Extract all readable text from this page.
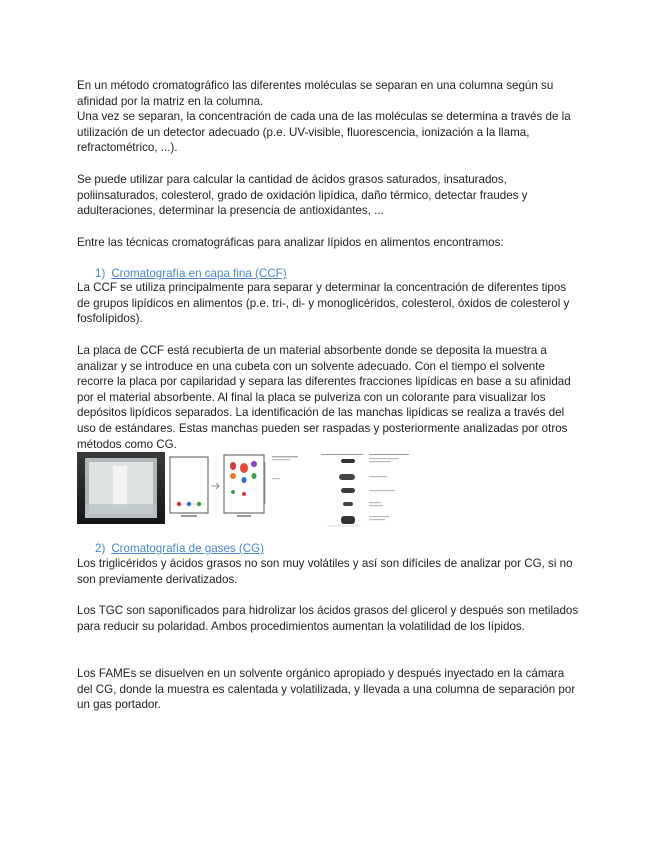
En un método cromatográfico las diferentes moléculas se separan en una columna según su afinidad por la matriz en la columna.

Una vez se separan, la concentración de cada una de las moléculas se determina a través de la utilización de un detector adecuado (p.e. UV-visible, fluorescencia, ionización a la llama, refractométrico, ...).

Se puede utilizar para calcular la cantidad de ácidos grasos saturados, insaturados, poliinsaturados, colesterol, grado de oxidación lipídica, daño térmico, detectar fraudes y adulteraciones, determinar la presencia de antioxidantes, ...

Entre las técnicas cromatográficas para analizar lípidos en alimentos encontramos:

1) Cromatografía en capa fina (CCF)

La CCF se utiliza principalmente para separar y determinar la concentración de diferentes tipos de grupos lipídicos en alimentos (p.e. tri-, di- y monoglicéridos, colesterol, óxidos de colesterol y fosfolípidos).

La placa de CCF está recubierta de un material absorbente donde se deposita la muestra a analizar y se introduce en una cubeta con un solvente adecuado. Con el tiempo el solvente recorre la placa por capilaridad y separa las diferentes fracciones lipídicas en base a su afinidad por el material absorbente. Al final la placa se pulveriza con un colorante para visualizar los depósitos lipídicos separados. La identificación de las manchas lipídicas se realiza a través del uso de estándares. Estas manchas pueden ser raspadas y posteriormente analizadas por otros métodos como CG.

2) Cromatografía de gases (CG)

Los triglicéridos y ácidos grasos no son muy volátiles y así son difíciles de analizar por CG, si no son previamente derivatizados.

Los TGC son saponificados para hidrolizar los ácidos grasos del glicerol y después son metilados para reducir su polaridad. Ambos procedimientos aumentan la volatilidad de los lípidos.

Los FAMEs se disuelven en un solvente orgánico apropiado y después inyectado en la cámara del CG, donde la muestra es calentada y volatilizada, y llevada a una columna de separación por un gas portador.
